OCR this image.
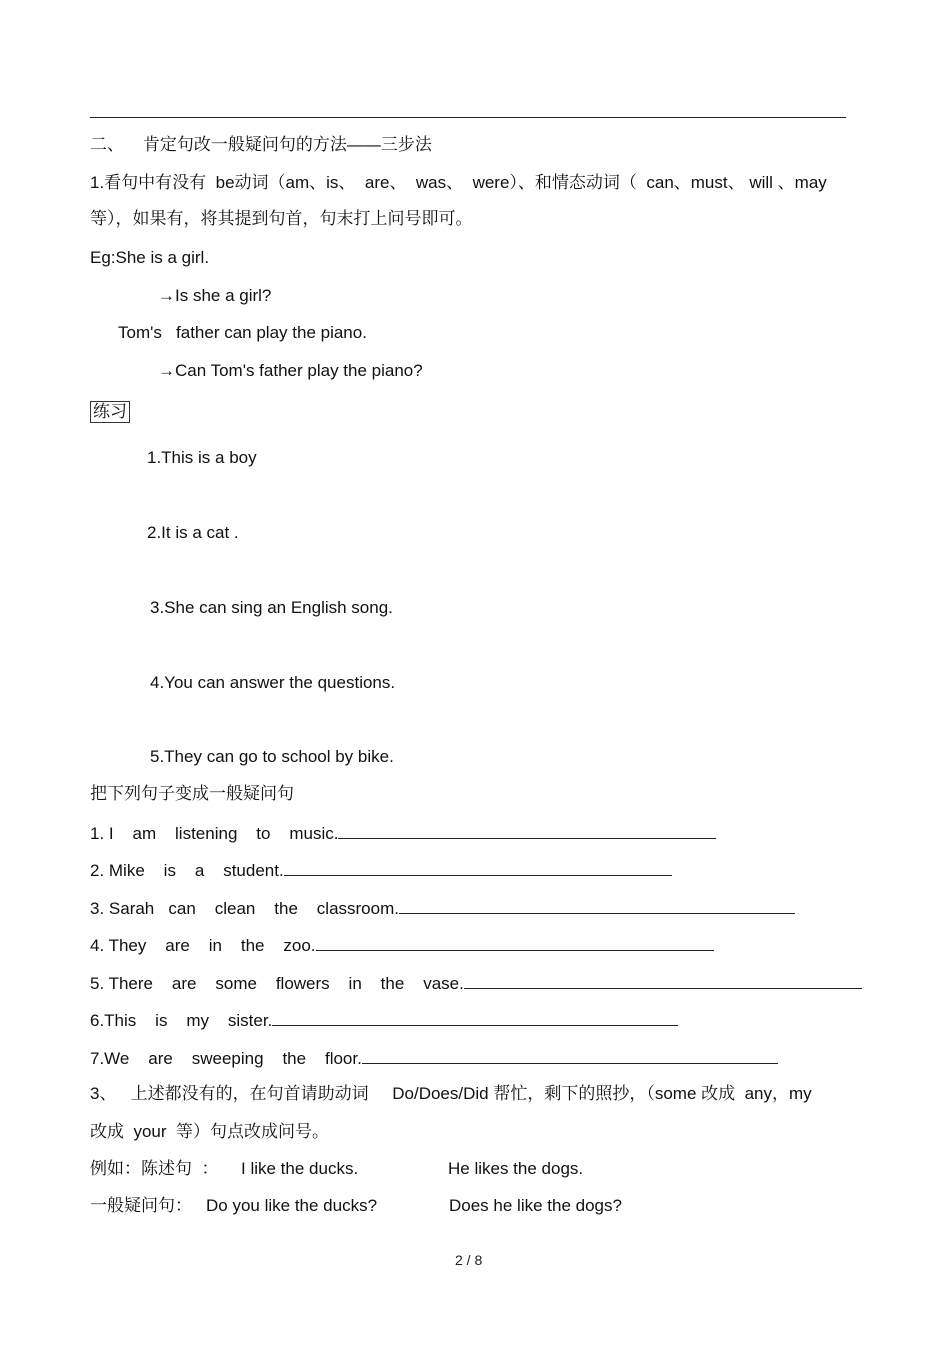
二、    肯定句改一般疑问句的方法——三步法
1.看句中有没有  be动词（am、is、  are、  was、  were）、和情态动词（  can、must、 will 、may
等），如果有，将其提到句首，句末打上问号即可。
Eg:She is a girl.
→Is she a girl?
Tom's   father can play the piano.
→Can Tom's father play the piano?
练习
1.This is a boy
2.It is a cat .
3.She can sing an English song.
4.You can answer the questions.
5.They can go to school by bike.
把下列句子变成一般疑问句
1. I    am    listening    to    music.
2. Mike    is    a    student.
3. Sarah   can    clean    the    classroom.
4. They    are    in    the    zoo.
5. There    are    some    flowers    in    the    vase.
6.This    is    my    sister.
7.We    are    sweeping    the    floor.
3、   上述都没有的，在句首请助动词     Do/Does/Did 帮忙，剩下的照抄，（some 改成  any，my
改成  your  等）句点改成问号。
例如：陈述句  ： I like the ducks.	He likes the dogs.
一般疑问句： Do you like the ducks?	Does he like the dogs?
2 / 8
